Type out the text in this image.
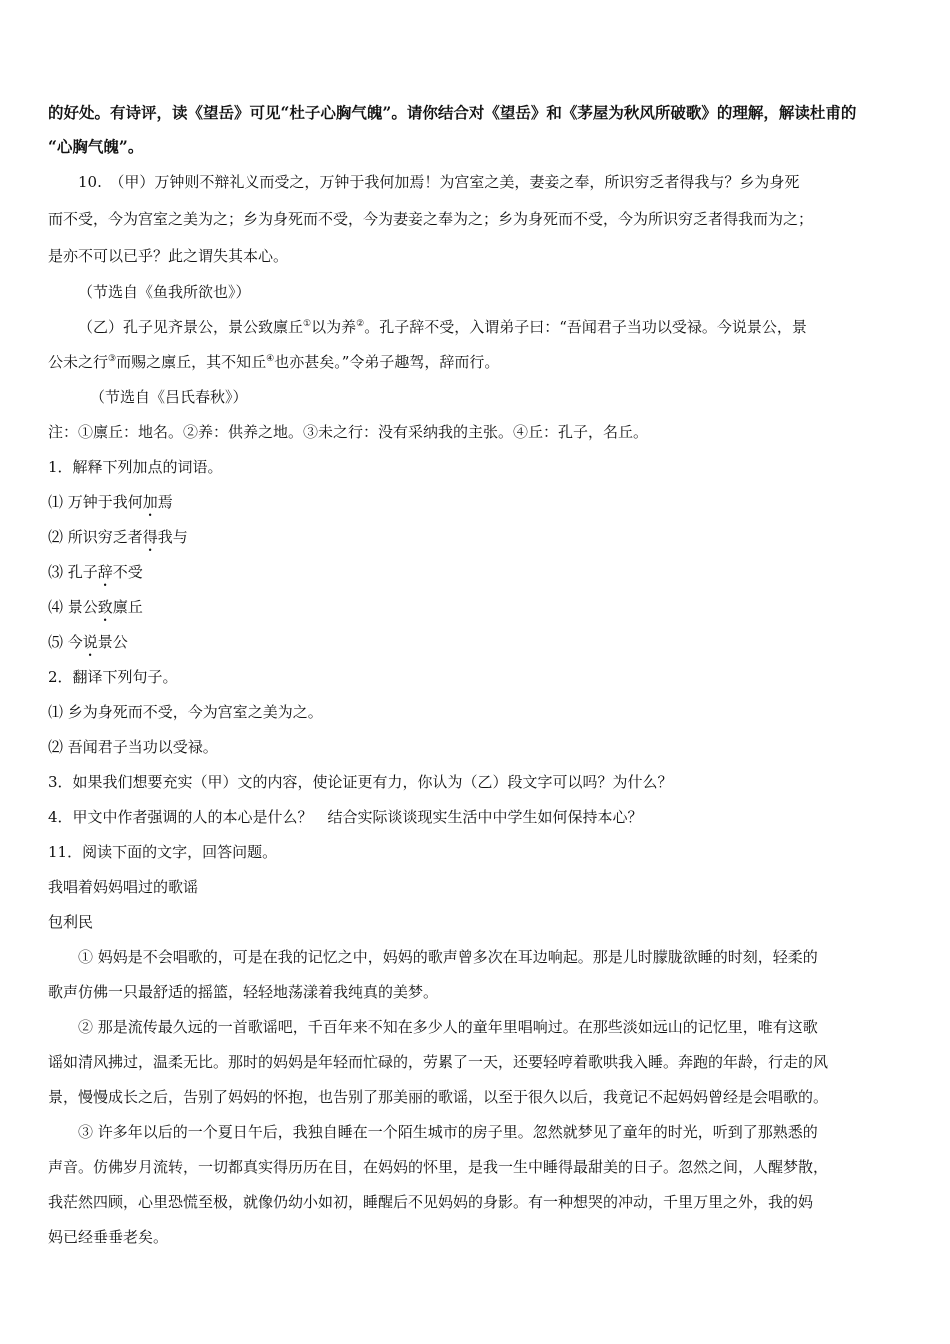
的好处。有诗评，读《望岳》可见“杜子心胸气魄”。请你结合对《望岳》和《茅屋为秋风所破歌》的理解，解读杜甫的

“心胸气魄”。

10.　（甲）万钟则不辩礼义而受之，万钟于我何加焉！为宫室之美，妻妾之奉，所识穷乏者得我与？乡为身死

而不受，今为宫室之美为之；乡为身死而不受，今为妻妾之奉为之；乡为身死而不受，今为所识穷乏者得我而为之；

是亦不可以已乎？此之谓失其本心。

（节选自《鱼我所欲也》）

（乙）孔子见齐景公，景公致廪丘①以为养②。孔子辞不受，入谓弟子曰：“吾闻君子当功以受禄。今说景公，景

公未之行③而赐之廪丘，其不知丘④也亦甚矣。”令弟子趣驾，辞而行。

（节选自《吕氏春秋》）

注：①廪丘：地名。②养：供养之地。③未之行：没有采纳我的主张。④丘：孔子，名丘。

1．解释下列加点的词语。

⑴ 万钟于我何加焉

⑵ 所识穷乏者得我与

⑶ 孔子辞不受

⑷ 景公致廪丘

⑸ 今说景公

2．翻译下列句子。

⑴ 乡为身死而不受，今为宫室之美为之。

⑵ 吾闻君子当功以受禄。

3．如果我们想要充实（甲）文的内容，使论证更有力，你认为（乙）段文字可以吗？为什么？

4．甲文中作者强调的人的本心是什么？　结合实际谈谈现实生活中中学生如何保持本心？

11．阅读下面的文字，回答问题。

我唱着妈妈唱过的歌谣

包利民

① 妈妈是不会唱歌的，可是在我的记忆之中，妈妈的歌声曾多次在耳边响起。那是儿时朦胧欲睡的时刻，轻柔的

歌声仿佛一只最舒适的摇篮，轻轻地荡漾着我纯真的美梦。

② 那是流传最久远的一首歌谣吧，千百年来不知在多少人的童年里唱响过。在那些淡如远山的记忆里，唯有这歌

谣如清风拂过，温柔无比。那时的妈妈是年轻而忙碌的，劳累了一天，还要轻哼着歌哄我入睡。奔跑的年龄，行走的风

景，慢慢成长之后，告别了妈妈的怀抱，也告别了那美丽的歌谣，以至于很久以后，我竟记不起妈妈曾经是会唱歌的。

③ 许多年以后的一个夏日午后，我独自睡在一个陌生城市的房子里。忽然就梦见了童年的时光，听到了那熟悉的

声音。仿佛岁月流转，一切都真实得历历在目，在妈妈的怀里，是我一生中睡得最甜美的日子。忽然之间，人醒梦散，

我茫然四顾，心里恐慌至极，就像仍幼小如初，睡醒后不见妈妈的身影。有一种想哭的冲动，千里万里之外，我的妈

妈已经垂垂老矣。
